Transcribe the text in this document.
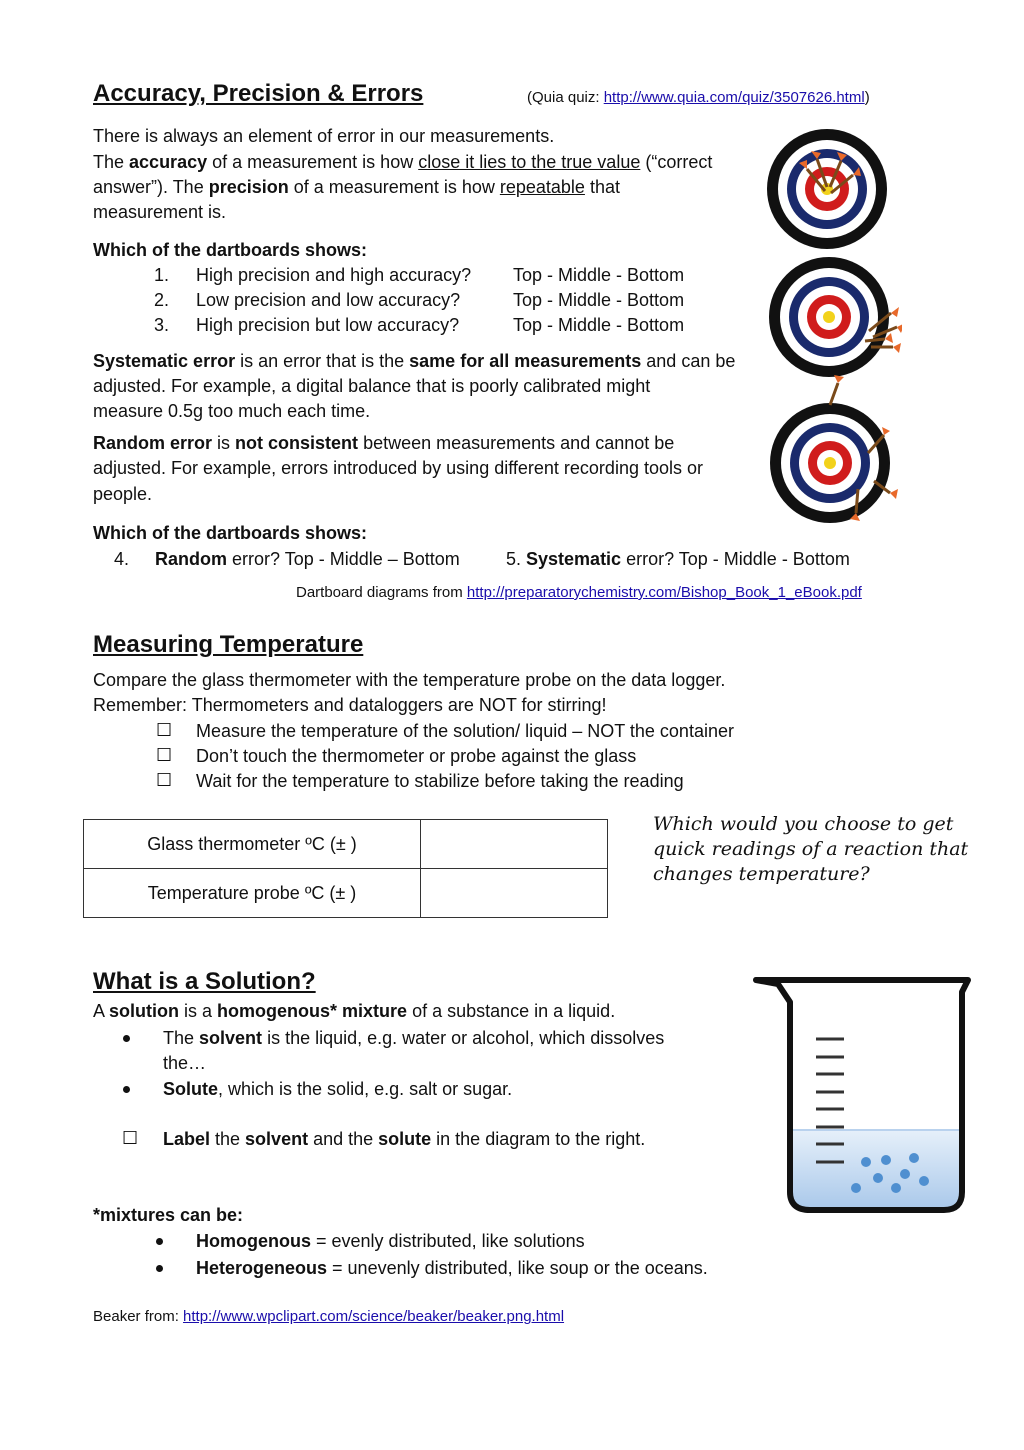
Accuracy, Precision & Errors	(Quia quiz: http://www.quia.com/quiz/3507626.html)
There is always an element of error in our measurements.
The accuracy of a measurement is how close it lies to the true value (“correct
answer”). The precision of a measurement is how repeatable that
measurement is.
Which of the dartboards shows:
1. High precision and high accuracy? Top - Middle - Bottom
2. Low precision and low accuracy?	Top - Middle - Bottom
3. High precision but low accuracy?	Top - Middle - Bottom
Systematic error is an error that is the same for all measurements and can be
adjusted. For example, a digital balance that is poorly calibrated might
measure 0.5g too much each time.
Random error is not consistent between measurements and cannot be
adjusted. For example, errors introduced by using different recording tools or
people.
Which of the dartboards shows:
4. Random error? Top - Middle – Bottom	5. Systematic error? Top - Middle - Bottom
Dartboard diagrams from http://preparatorychemistry.com/Bishop_Book_1_eBook.pdf
Measuring Temperature
Compare the glass thermometer with the temperature probe on the data logger.
Remember: Thermometers and dataloggers are NOT for stirring!
☐ Measure the temperature of the solution/ liquid – NOT the container
☐ Don’t touch the thermometer or probe against the glass
☐ Wait for the temperature to stabilize before taking the reading
Glass thermometer ºC (± )	
Temperature probe ºC (± )	
Which would you choose to get
quick readings of a reaction that
changes temperature?
What is a Solution?
A solution is a homogenous* mixture of a substance in a liquid.
The solvent is the liquid, e.g. water or alcohol, which dissolves
the…
Solute, which is the solid, e.g. salt or sugar.
☐ Label the solvent and the solute in the diagram to the right.
*mixtures can be:
Homogenous = evenly distributed, like solutions
Heterogeneous = unevenly distributed, like soup or the oceans.
Beaker from: http://www.wpclipart.com/science/beaker/beaker.png.html
